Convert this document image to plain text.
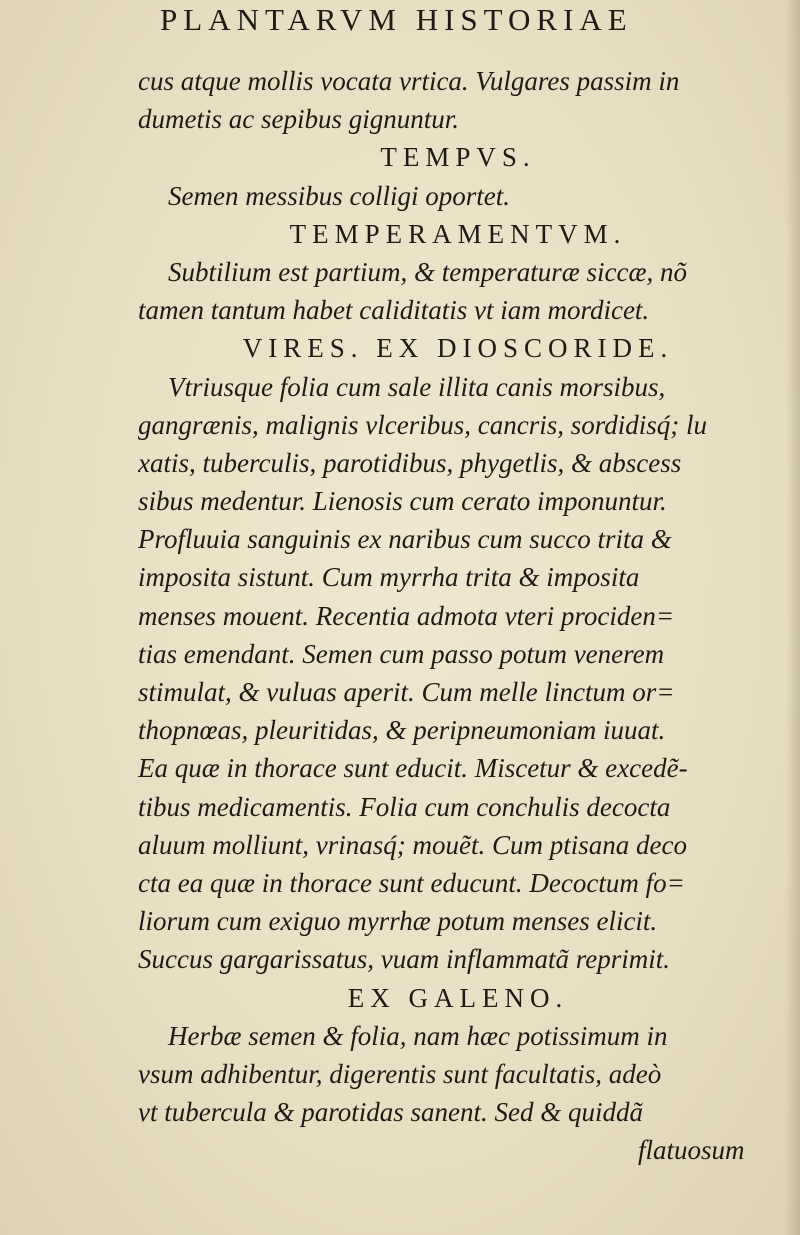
PLANTARVM HISTORIAE
cus atque mollis vocata vrtica. Vulgares passim in
dumetis ac sepibus gignuntur.
TEMPVS.
Semen messibus colligi oportet.
TEMPERAMENTVM.
Subtilium est partium, & temperaturæ siccæ, nõ
tamen tantum habet caliditatis vt iam mordicet.
VIRES. EX DIOSCORIDE.
Vtriusque folia cum sale illita canis morsibus,
gangrænis, malignis vlceribus, cancris, sordidisq́; lu
xatis, tuberculis, parotidibus, phygetlis, & abscess
sibus medentur. Lienosis cum cerato imponuntur.
Profluuia sanguinis ex naribus cum succo trita &
imposita sistunt. Cum myrrha trita & imposita
menses mouent. Recentia admota vteri prociden=
tias emendant. Semen cum passo potum venerem
stimulat, & vuluas aperit. Cum melle linctum or=
thopnœas, pleuritidas, & peripneumoniam iuuat.
Ea quæ in thorace sunt educit. Miscetur & excedẽ-
tibus medicamentis. Folia cum conchulis decocta
aluum molliunt, vrinasq́; mouẽt. Cum ptisana deco
cta ea quæ in thorace sunt educunt. Decoctum fo=
liorum cum exiguo myrrhæ potum menses elicit.
Succus gargarissatus, vuam inflammatã reprimit.
EX GALENO.
Herbæ semen & folia, nam hæc potissimum in
vsum adhibentur, digerentis sunt facultatis, adeò
vt tubercula & parotidas sanent. Sed & quiddã
flatuosum
